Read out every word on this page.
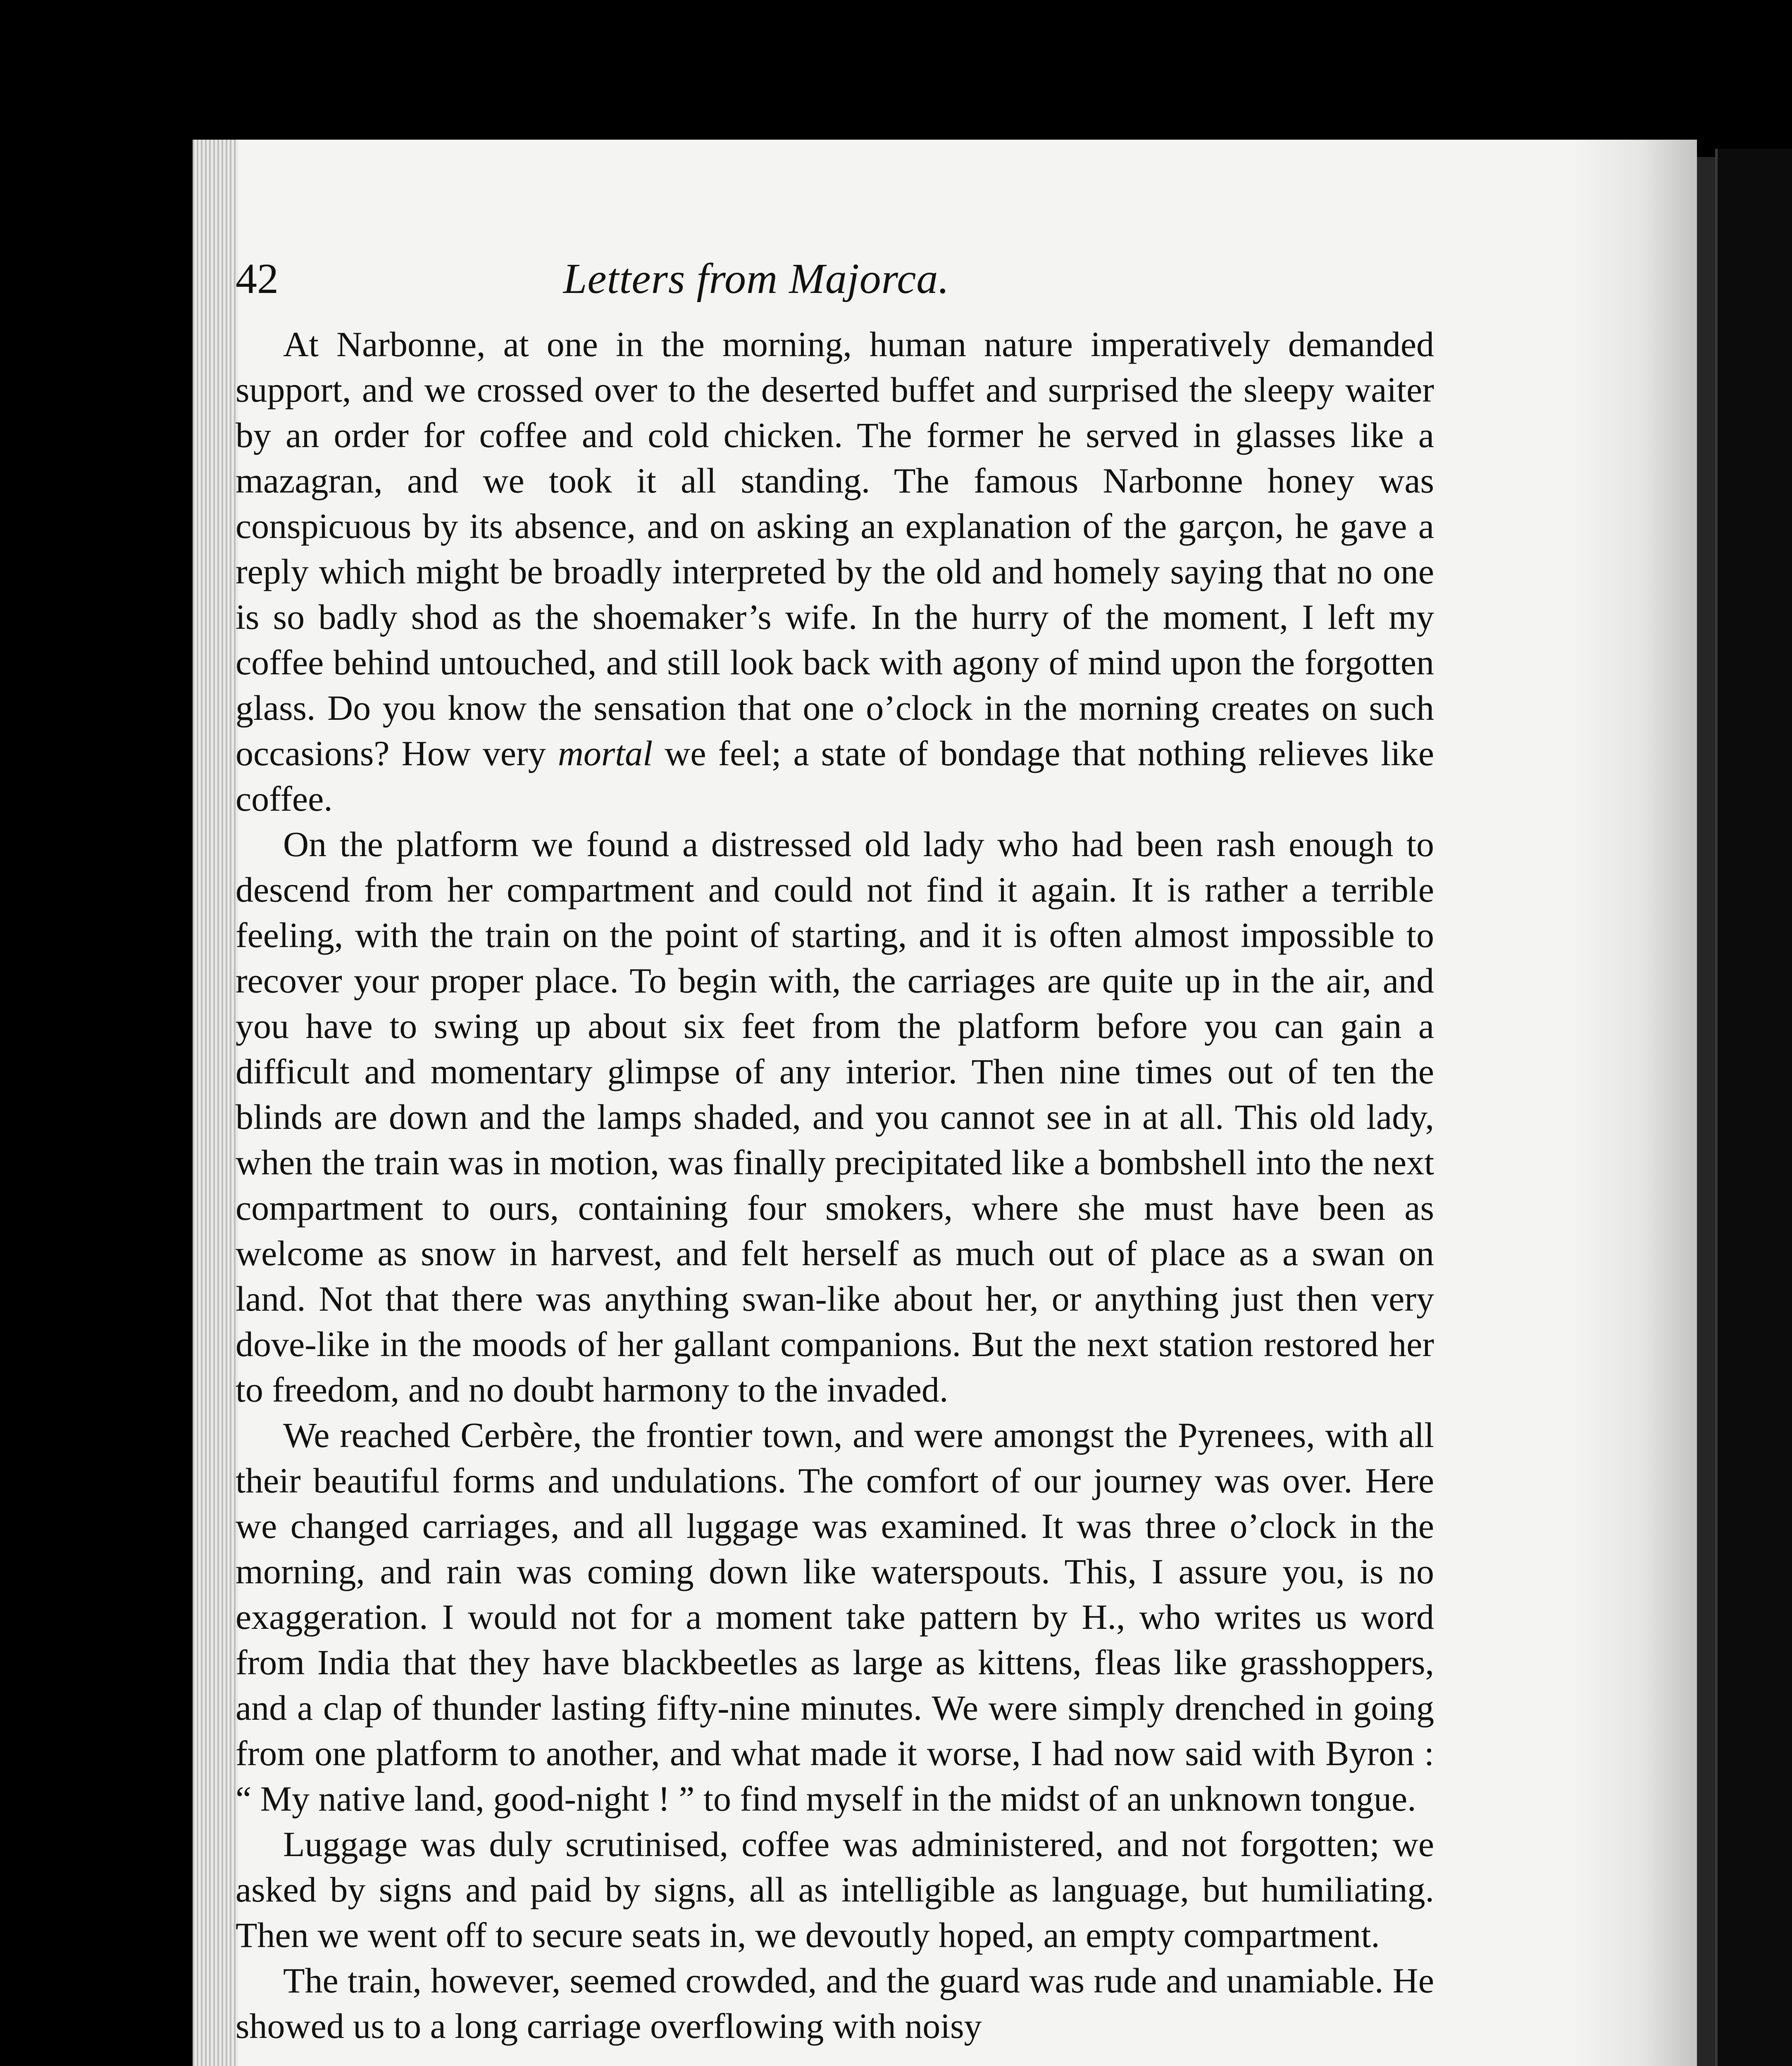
42	Letters from Majorca.

At Narbonne, at one in the morning, human nature imperatively demanded support, and we crossed over to the deserted buffet and surprised the sleepy waiter by an order for coffee and cold chicken. The former he served in glasses like a mazagran, and we took it all standing. The famous Narbonne honey was conspicuous by its absence, and on asking an explanation of the garçon, he gave a reply which might be broadly interpreted by the old and homely saying that no one is so badly shod as the shoemaker’s wife. In the hurry of the moment, I left my coffee behind untouched, and still look back with agony of mind upon the forgotten glass. Do you know the sensation that one o’clock in the morning creates on such occasions? How very mortal we feel; a state of bondage that nothing relieves like coffee.

On the platform we found a distressed old lady who had been rash enough to descend from her compartment and could not find it again. It is rather a terrible feeling, with the train on the point of starting, and it is often almost impossible to recover your proper place. To begin with, the carriages are quite up in the air, and you have to swing up about six feet from the platform before you can gain a difficult and momentary glimpse of any interior. Then nine times out of ten the blinds are down and the lamps shaded, and you cannot see in at all. This old lady, when the train was in motion, was finally precipitated like a bombshell into the next compartment to ours, containing four smokers, where she must have been as welcome as snow in harvest, and felt herself as much out of place as a swan on land. Not that there was anything swan-like about her, or anything just then very dove-like in the moods of her gallant companions. But the next station restored her to freedom, and no doubt harmony to the invaded.

We reached Cerbère, the frontier town, and were amongst the Pyrenees, with all their beautiful forms and undulations. The comfort of our journey was over. Here we changed carriages, and all luggage was examined. It was three o’clock in the morning, and rain was coming down like waterspouts. This, I assure you, is no exaggeration. I would not for a moment take pattern by H., who writes us word from India that they have blackbeetles as large as kittens, fleas like grasshoppers, and a clap of thunder lasting fifty-nine minutes. We were simply drenched in going from one platform to another, and what made it worse, I had now said with Byron : “ My native land, good-night ! ” to find myself in the midst of an unknown tongue.

Luggage was duly scrutinised, coffee was administered, and not forgotten; we asked by signs and paid by signs, all as intelligible as language, but humiliating. Then we went off to secure seats in, we devoutly hoped, an empty compartment.

The train, however, seemed crowded, and the guard was rude and unamiable. He showed us to a long carriage overflowing with noisy
